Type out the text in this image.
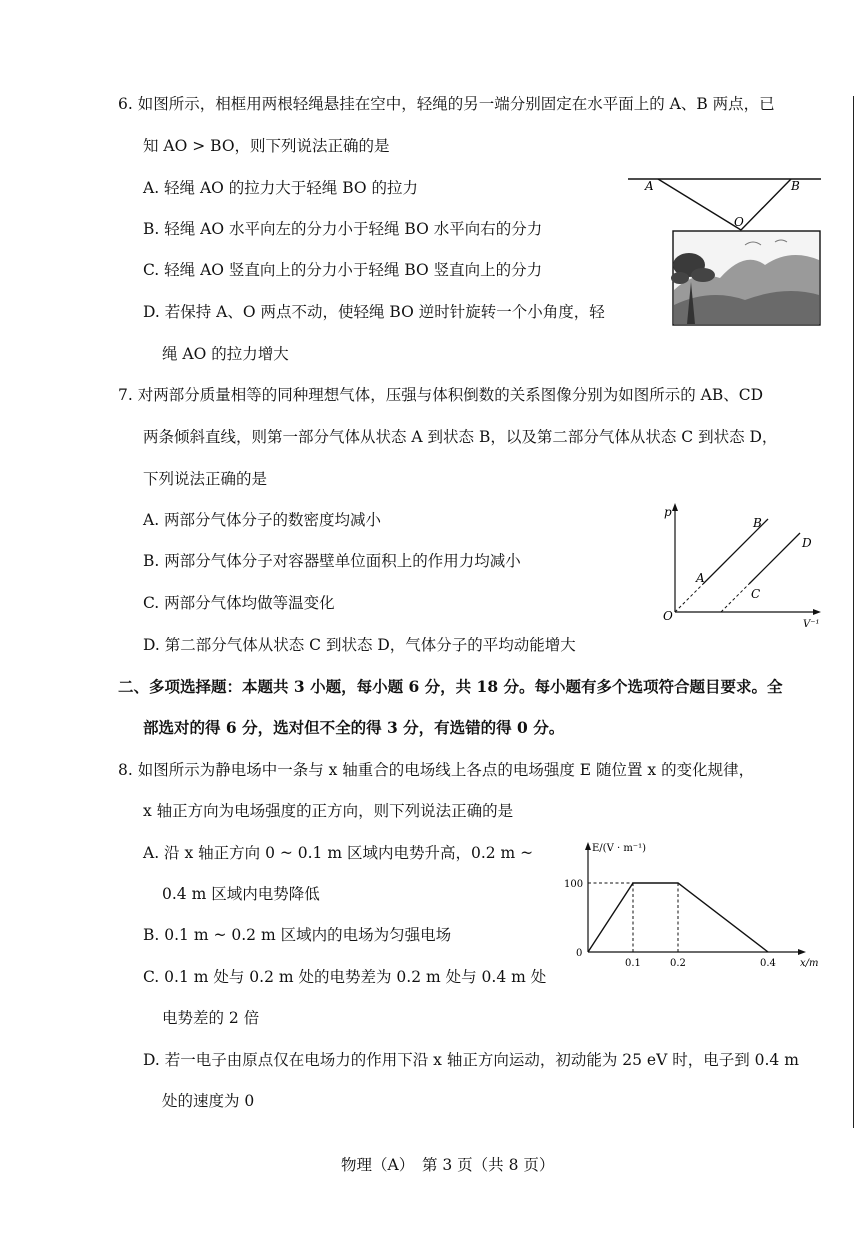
6. 如图所示，相框用两根轻绳悬挂在空中，轻绳的另一端分别固定在水平面上的 A、B 两点，已
知 AO > BO，则下列说法正确的是
A. 轻绳 AO 的拉力大于轻绳 BO 的拉力
B. 轻绳 AO 水平向左的分力小于轻绳 BO 水平向右的分力
C. 轻绳 AO 竖直向上的分力小于轻绳 BO 竖直向上的分力
D. 若保持 A、O 两点不动，使轻绳 BO 逆时针旋转一个小角度，轻
绳 AO 的拉力增大
A	B
O
7. 对两部分质量相等的同种理想气体，压强与体积倒数的关系图像分别为如图所示的 AB、CD
两条倾斜直线，则第一部分气体从状态 A 到状态 B，以及第二部分气体从状态 C 到状态 D，
下列说法正确的是
A. 两部分气体分子的数密度均减小
B. 两部分气体分子对容器壁单位面积上的作用力均减小
C. 两部分气体均做等温变化
D. 第二部分气体从状态 C 到状态 D，气体分子的平均动能增大
p
V⁻¹
O
A
B
C
D
二、多项选择题：本题共 3 小题，每小题 6 分，共 18 分。每小题有多个选项符合题目要求。全
部选对的得 6 分，选对但不全的得 3 分，有选错的得 0 分。
8. 如图所示为静电场中一条与 x 轴重合的电场线上各点的电场强度 E 随位置 x 的变化规律，
x 轴正方向为电场强度的正方向，则下列说法正确的是
A. 沿 x 轴正方向 0 ~ 0.1 m 区域内电势升高，0.2 m ~
0.4 m 区域内电势降低
B. 0.1 m ~ 0.2 m 区域内的电场为匀强电场
C. 0.1 m 处与 0.2 m 处的电势差为 0.2 m 处与 0.4 m 处
电势差的 2 倍
D. 若一电子由原点仅在电场力的作用下沿 x 轴正方向运动，初动能为 25 eV 时，电子到 0.4 m
处的速度为 0
E/(V · m⁻¹)
x/m
0
0.1	0.2	0.4
100
物理（A）　第 3 页（共 8 页）
